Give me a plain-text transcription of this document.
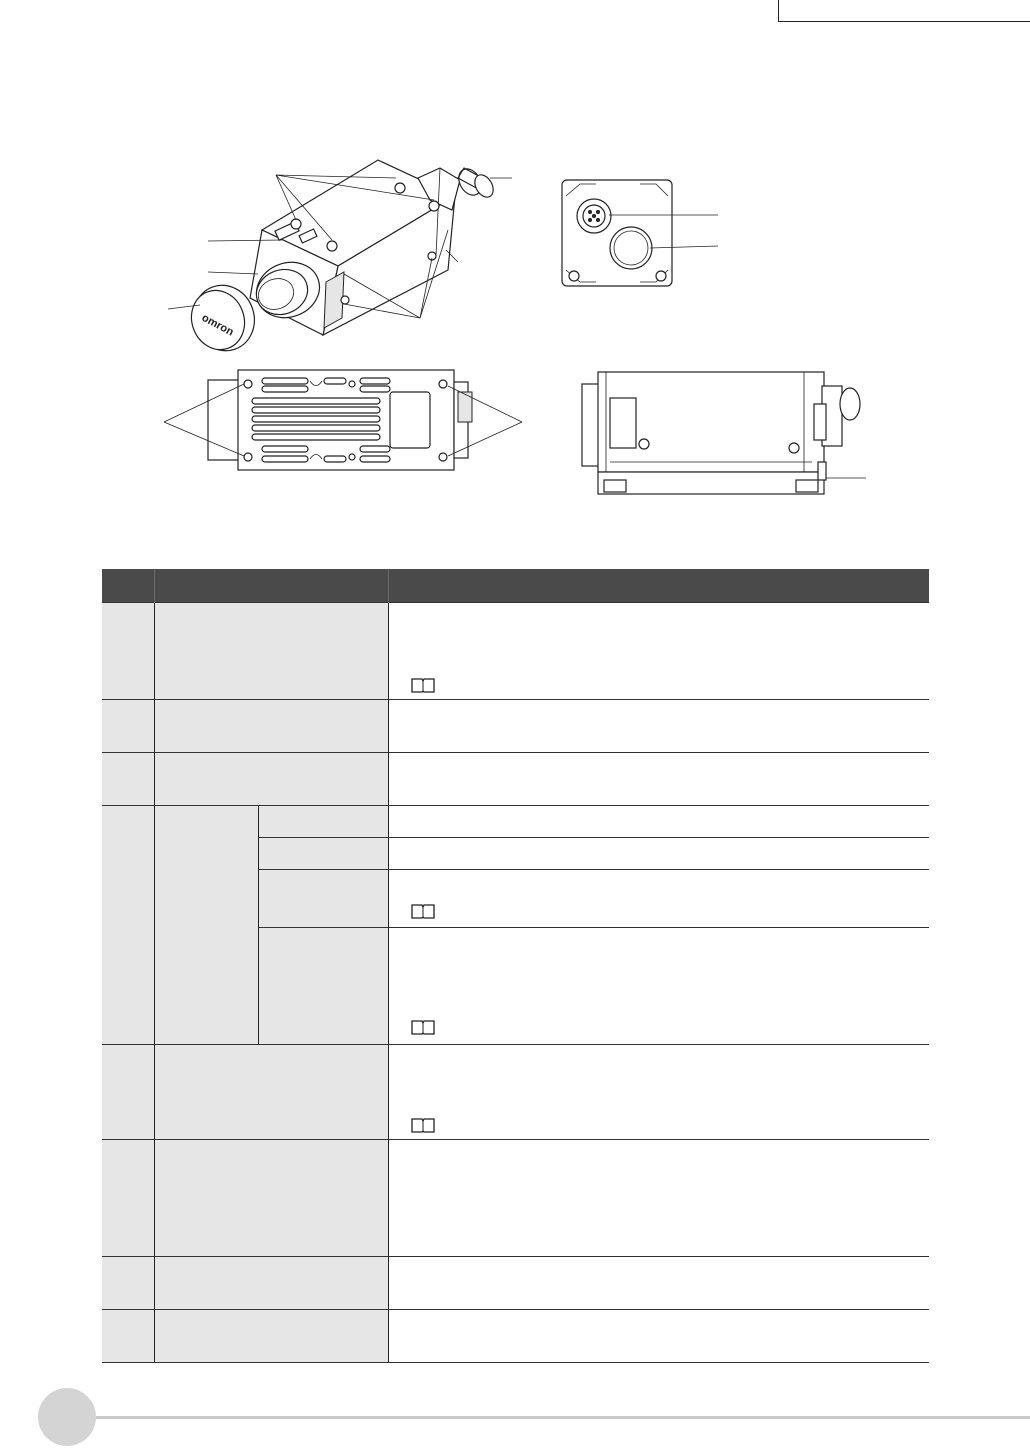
omron
